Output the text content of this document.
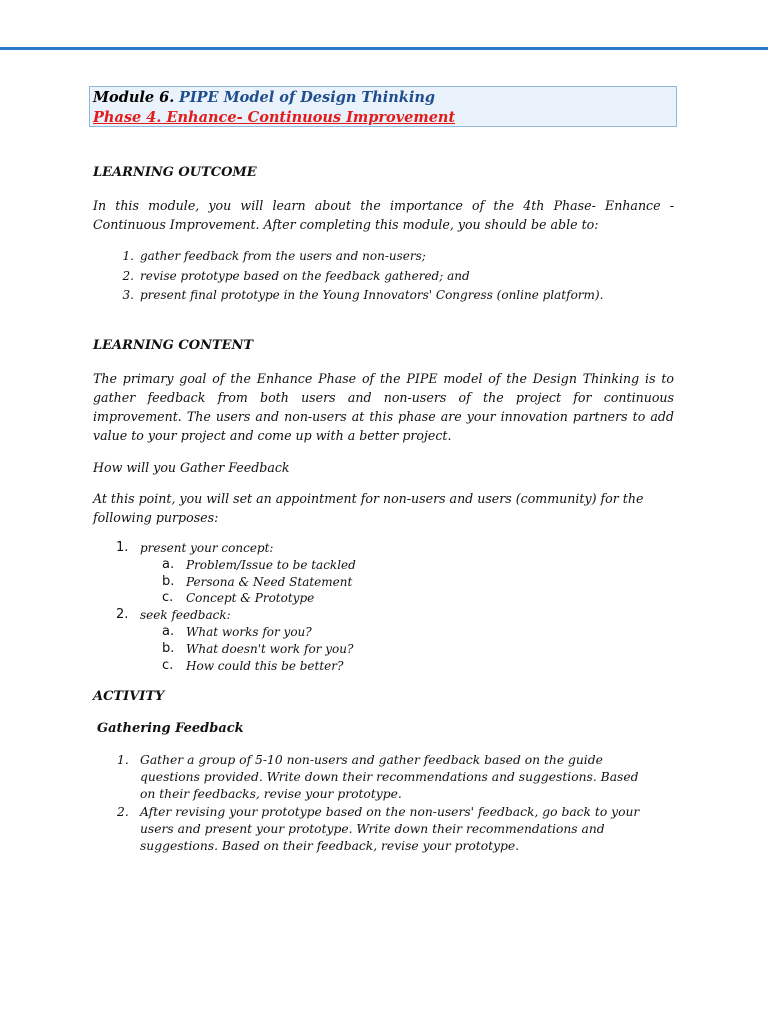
Module 6. PIPE Model of Design Thinking
Phase 4. Enhance- Continuous Improvement
LEARNING OUTCOME

In this module, you will learn about the importance of the 4th Phase- Enhance - Continuous Improvement. After completing this module, you should be able to:

1. gather feedback from the users and non-users;
2. revise prototype based on the feedback gathered; and
3. present final prototype in the Young Innovators' Congress (online platform).
LEARNING CONTENT

The primary goal of the Enhance Phase of the PIPE model of the Design Thinking is to gather feedback from both users and non-users of the project for continuous improvement. The users and non-users at this phase are your innovation partners to add value to your project and come up with a better project.

How will you Gather Feedback

At this point, you will set an appointment for non-users and users (community) for the following purposes:

1. present your concept:
a. Problem/Issue to be tackled
b. Persona & Need Statement
c. Concept & Prototype
2. seek feedback:
a. What works for you?
b. What doesn't work for you?
c. How could this be better?
ACTIVITY
Gathering Feedback
1. Gather a group of 5-10 non-users and gather feedback based on the guide questions provided. Write down their recommendations and suggestions. Based on their feedbacks, revise your prototype.
2. After revising your prototype based on the non-users' feedback, go back to your users and present your prototype. Write down their recommendations and suggestions. Based on their feedback, revise your prototype.
